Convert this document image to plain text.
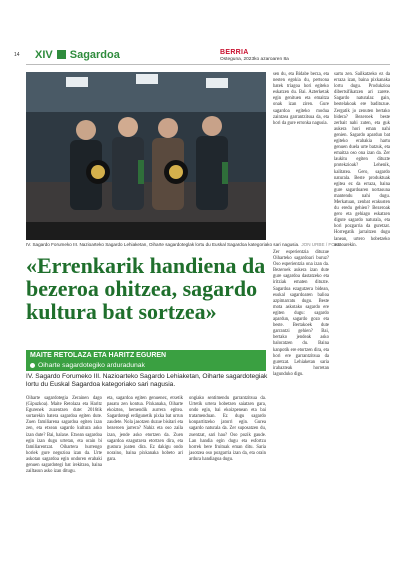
14 XIV Sagardoa	BERRIA
Osteguna, 2023ko azaroaren 8a
IV. Sagardo Forumeko III. Nazioarteko Sagardo Lehiaketan, Oiharte sagardoteglak lortu du Euskal Sagardoa kategoriako sari nagusia. JON URBE / FOKU
«Errenkarik handiena da bezeroa ohitzea, sagardo kultura bat sortzea»
MAITE RETOLAZA ETA HARITZ EGUREN
Oiharte sagardotegiko arduradunak
IV. Sagardo Forumeko III. Nazioarteko Sagardo Lehiaketan, Oiharte sagardotegiak lortu du Euskal Sagardoa kategoriako sari nagusia.
Oiharte sagardotegia Zerainen dago (Gipuzkoa). Maite Retolaza eta Haritz Egurenek zuzentzen dute: 2016tik sortarekin batera sagardoa egiten dute. Zuen familiarena sagardoa egiten izan zen, eta etxean sagardo kultura asko izan dute? Bai, halaxe. Etxean sagardoa egin izan dugu urtetan, eta orain bi familiarentzat. Oihartera hurrengo horiek gure negozioa izan da. Urte askotan sagardoa egin ondoren erabaki genuen sagardotegi bat irekitzea, baina zailtasun asko izan ditugu.
eta, sagardoa egiten genuenez, etxetik pasatu zen kontua. Pixkanaka, Oiharte ekoiztea, hemendik aurrera egitea. Sagardotegi erdigunetik pixka bat urrun zaudete. Nola jasotzen duzue bisitari eta bezeroen jarrera? Nahiz eta oso zaila izan, jende asko etortzen da. Zuen sagardoa ezagutzera etortzen dira, eta gustura joaten dira. Ez dakigu ondo noraino, baina pixkanaka hobeto ari gara.
ongiako sentimendu garrantzitsua da. Urtetik urtera hobetzen saiatzen gara, ondo egin, bai ekoizpenean eta bai tratamenduan. Ez dugu sagardo konpartitzeko jatorri egin. Gurea sagardo naturala da. Zer suposatzen du, zuentzat, sari hau? Oso pozik gaude. Lan handia egin dugu eta esfortzu horrek bere fruituak eman ditu. Saria jasotzea oso pozgarria izan da, eta orain ardura handiagoa dugu.
sen du, eta Bidabe berza, eta nesten egokia du, pertsona batek triagoa hori egiteko eskatzen du. Bai. Azterketak egin genituen eta emaitza onak izan ziren. Gure sagardoa egiteko modua zaintzea garrantzitsua da, eta hori da gure erronka nagusia.
Zer esperientzia dituzue Oiharteko sagardoari buruz? Oso esperientzia ona izan da. Bezeroek aukera izan dute gure sagardoa dastatzeko eta iritziak ematen dituzte. Sagardoa ezagutzera bidean, euskal sagardoaren balioa azpimarratu dugu. Beste mota askotako sagardo ere egiten dugu: sagardo apardun, sagardo gozo eta beste. Bertakoek dute garrantzi gehien? Bai, bertako jendeak asko baloratzen du. Baina kanpotik ere etortzen dira, eta hori ere garrantzitsua da guretzat. Lehiaketan saria irabazteak horretan lagunduko digu.
sartu zen. Sailkatzeko ez da erraza izan, baina pixkanaka lortu dugu. Produkzioa dibertsifikatzen ari zarete. Sagardo naturalaz gain, bestelakoak ere badituzue. Zergatik jo zenuten bertako bidera? Bezeroek beste zerbait nahi zuten, eta guk aukera hori eman nahi genien. Sagardo apardun bat egiteko erabakia hartu genuen duela urte batzuk, eta emaitza oso ona izan da. Zer laukitu egiten dituzte protekzioak? Lehenik, kalitatea. Gero, sagardo naturala. Beste produktuak egitea ez da erraza, baina gure sagardoaren nortasuna mantendu nahi dugu. Merkatuan, zenbat erakusten du eredu gehien? Bezeroak gero eta gehiago eskatzen digute sagardo naturala, eta hori pozgarria da guretzat. Horregatik jarraitzen dugu lanean, urtero hobetzeko asmoarekin.
